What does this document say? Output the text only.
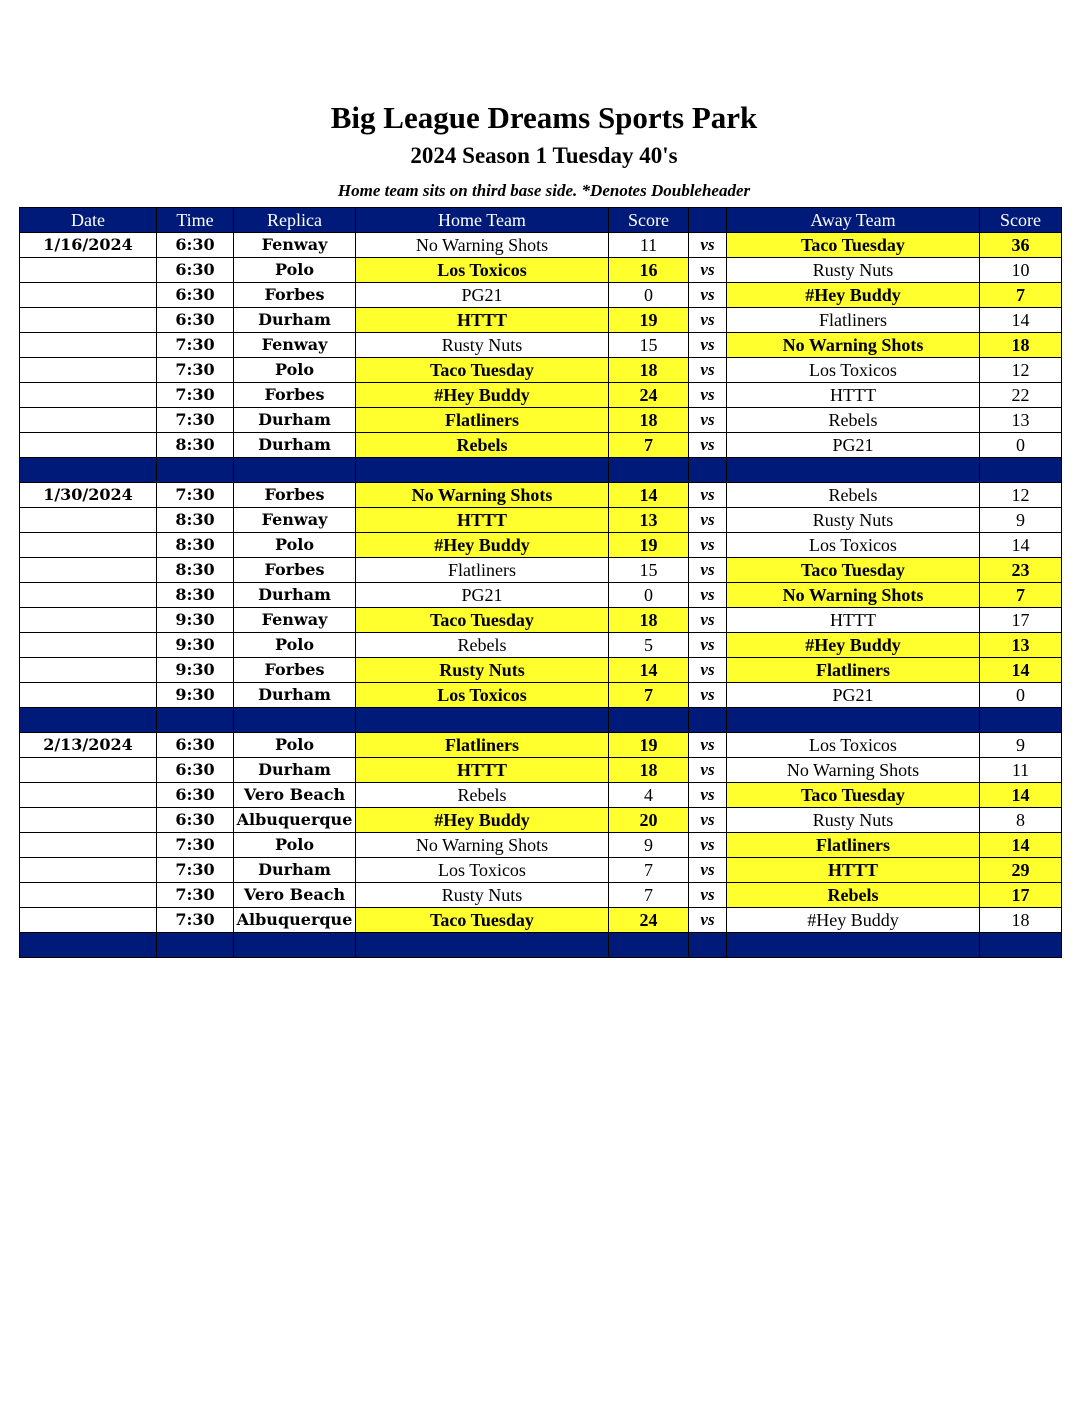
Big League Dreams Sports Park
2024 Season 1 Tuesday 40's
Home team sits on third base side. *Denotes Doubleheader
Date	Time	Replica	Home Team	Score		Away Team	Score
1/16/2024	6:30	Fenway	No Warning Shots	11	vs	Taco Tuesday	36
	6:30	Polo	Los Toxicos	16	vs	Rusty Nuts	10
	6:30	Forbes	PG21	0	vs	#Hey Buddy	7
	6:30	Durham	HTTT	19	vs	Flatliners	14
	7:30	Fenway	Rusty Nuts	15	vs	No Warning Shots	18
	7:30	Polo	Taco Tuesday	18	vs	Los Toxicos	12
	7:30	Forbes	#Hey Buddy	24	vs	HTTT	22
	7:30	Durham	Flatliners	18	vs	Rebels	13
	8:30	Durham	Rebels	7	vs	PG21	0

1/30/2024	7:30	Forbes	No Warning Shots	14	vs	Rebels	12
	8:30	Fenway	HTTT	13	vs	Rusty Nuts	9
	8:30	Polo	#Hey Buddy	19	vs	Los Toxicos	14
	8:30	Forbes	Flatliners	15	vs	Taco Tuesday	23
	8:30	Durham	PG21	0	vs	No Warning Shots	7
	9:30	Fenway	Taco Tuesday	18	vs	HTTT	17
	9:30	Polo	Rebels	5	vs	#Hey Buddy	13
	9:30	Forbes	Rusty Nuts	14	vs	Flatliners	14
	9:30	Durham	Los Toxicos	7	vs	PG21	0

2/13/2024	6:30	Polo	Flatliners	19	vs	Los Toxicos	9
	6:30	Durham	HTTT	18	vs	No Warning Shots	11
	6:30	Vero Beach	Rebels	4	vs	Taco Tuesday	14
	6:30	Albuquerque	#Hey Buddy	20	vs	Rusty Nuts	8
	7:30	Polo	No Warning Shots	9	vs	Flatliners	14
	7:30	Durham	Los Toxicos	7	vs	HTTT	29
	7:30	Vero Beach	Rusty Nuts	7	vs	Rebels	17
	7:30	Albuquerque	Taco Tuesday	24	vs	#Hey Buddy	18
